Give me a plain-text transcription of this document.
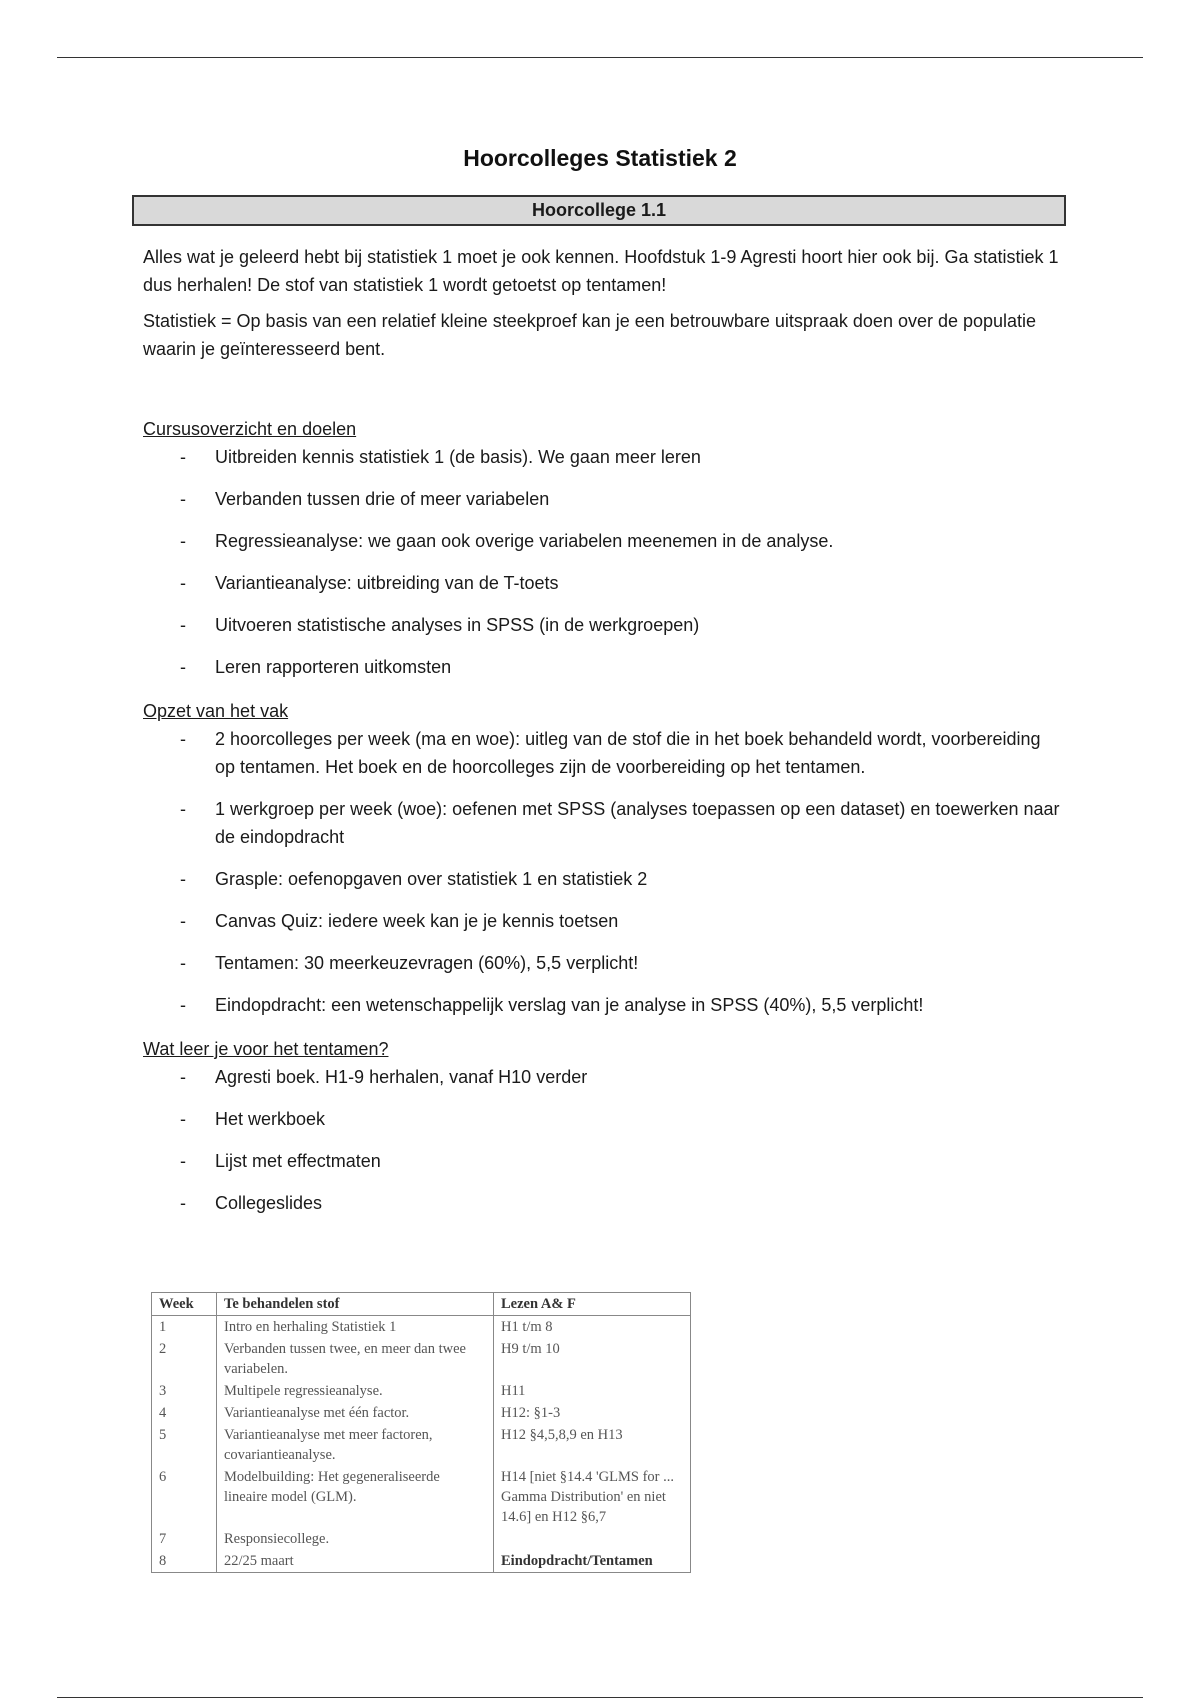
Hoorcolleges Statistiek 2
Hoorcollege 1.1

Alles wat je geleerd hebt bij statistiek 1 moet je ook kennen. Hoofdstuk 1-9 Agresti hoort hier ook bij. Ga statistiek 1 dus herhalen! De stof van statistiek 1 wordt getoetst op tentamen!

Statistiek = Op basis van een relatief kleine steekproef kan je een betrouwbare uitspraak doen over de populatie waarin je geïnteresseerd bent.

Cursusoverzicht en doelen

- Uitbreiden kennis statistiek 1 (de basis). We gaan meer leren
- Verbanden tussen drie of meer variabelen
- Regressieanalyse: we gaan ook overige variabelen meenemen in de analyse.
- Variantieanalyse: uitbreiding van de T-toets
- Uitvoeren statistische analyses in SPSS (in de werkgroepen)
- Leren rapporteren uitkomsten

Opzet van het vak

- 2 hoorcolleges per week (ma en woe): uitleg van de stof die in het boek behandeld wordt, voorbereiding op tentamen. Het boek en de hoorcolleges zijn de voorbereiding op het tentamen.
- 1 werkgroep per week (woe): oefenen met SPSS (analyses toepassen op een dataset) en toewerken naar de eindopdracht
- Grasple: oefenopgaven over statistiek 1 en statistiek 2
- Canvas Quiz: iedere week kan je je kennis toetsen
- Tentamen: 30 meerkeuzevragen (60%), 5,5 verplicht!
- Eindopdracht: een wetenschappelijk verslag van je analyse in SPSS (40%), 5,5 verplicht!

Wat leer je voor het tentamen?

- Agresti boek. H1-9 herhalen, vanaf H10 verder
- Het werkboek
- Lijst met effectmaten
- Collegeslides
Week	Te behandelen stof	Lezen A& F
1	Intro en herhaling Statistiek 1	H1 t/m 8
2	Verbanden tussen twee, en meer dan twee variabelen.	H9 t/m 10
3	Multipele regressieanalyse.	H11
4	Variantieanalyse met één factor.	H12: §1-3
5	Variantieanalyse met meer factoren, covariantieanalyse.	H12 §4,5,8,9 en H13
6	Modelbuilding: Het gegeneraliseerde lineaire model (GLM).	H14 [niet §14.4 'GLMS for ... Gamma Distribution' en niet 14.6] en H12 §6,7
7	Responsiecollege.	
8	22/25 maart	Eindopdracht/Tentamen
